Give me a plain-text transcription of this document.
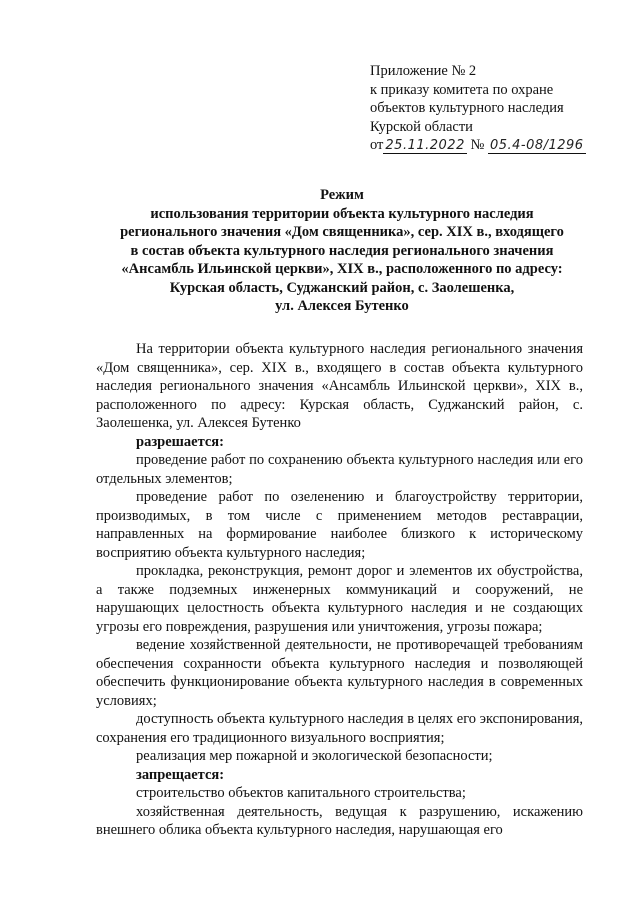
Приложение № 2
к приказу комитета по охране
объектов культурного наследия
Курской области
от 25.11.2022 № 05.4-08/1296
Режим
использования территории объекта культурного наследия
регионального значения «Дом священника», сер. XIX в., входящего
в состав объекта культурного наследия регионального значения
«Ансамбль Ильинской церкви», XIX в., расположенного по адресу:
Курская область, Суджанский район, с. Заолешенка,
ул. Алексея Бутенко

На территории объекта культурного наследия регионального значения «Дом священника», сер. XIX в., входящего в состав объекта культурного наследия регионального значения «Ансамбль Ильинской церкви», XIX в., расположенного по адресу: Курская область, Суджанский район, с. Заолешенка, ул. Алексея Бутенко

разрешается:

проведение работ по сохранению объекта культурного наследия или его отдельных элементов;

проведение работ по озеленению и благоустройству территории, производимых, в том числе с применением методов реставрации, направленных на формирование наиболее близкого к историческому восприятию объекта культурного наследия;

прокладка, реконструкция, ремонт дорог и элементов их обустройства, а также подземных инженерных коммуникаций и сооружений, не нарушающих целостность объекта культурного наследия и не создающих угрозы его повреждения, разрушения или уничтожения, угрозы пожара;

ведение хозяйственной деятельности, не противоречащей требованиям обеспечения сохранности объекта культурного наследия и позволяющей обеспечить функционирование объекта культурного наследия в современных условиях;

доступность объекта культурного наследия в целях его экспонирования, сохранения его традиционного визуального восприятия;

реализация мер пожарной и экологической безопасности;

запрещается:

строительство объектов капитального строительства;

хозяйственная деятельность, ведущая к разрушению, искажению внешнего облика объекта культурного наследия, нарушающая его
